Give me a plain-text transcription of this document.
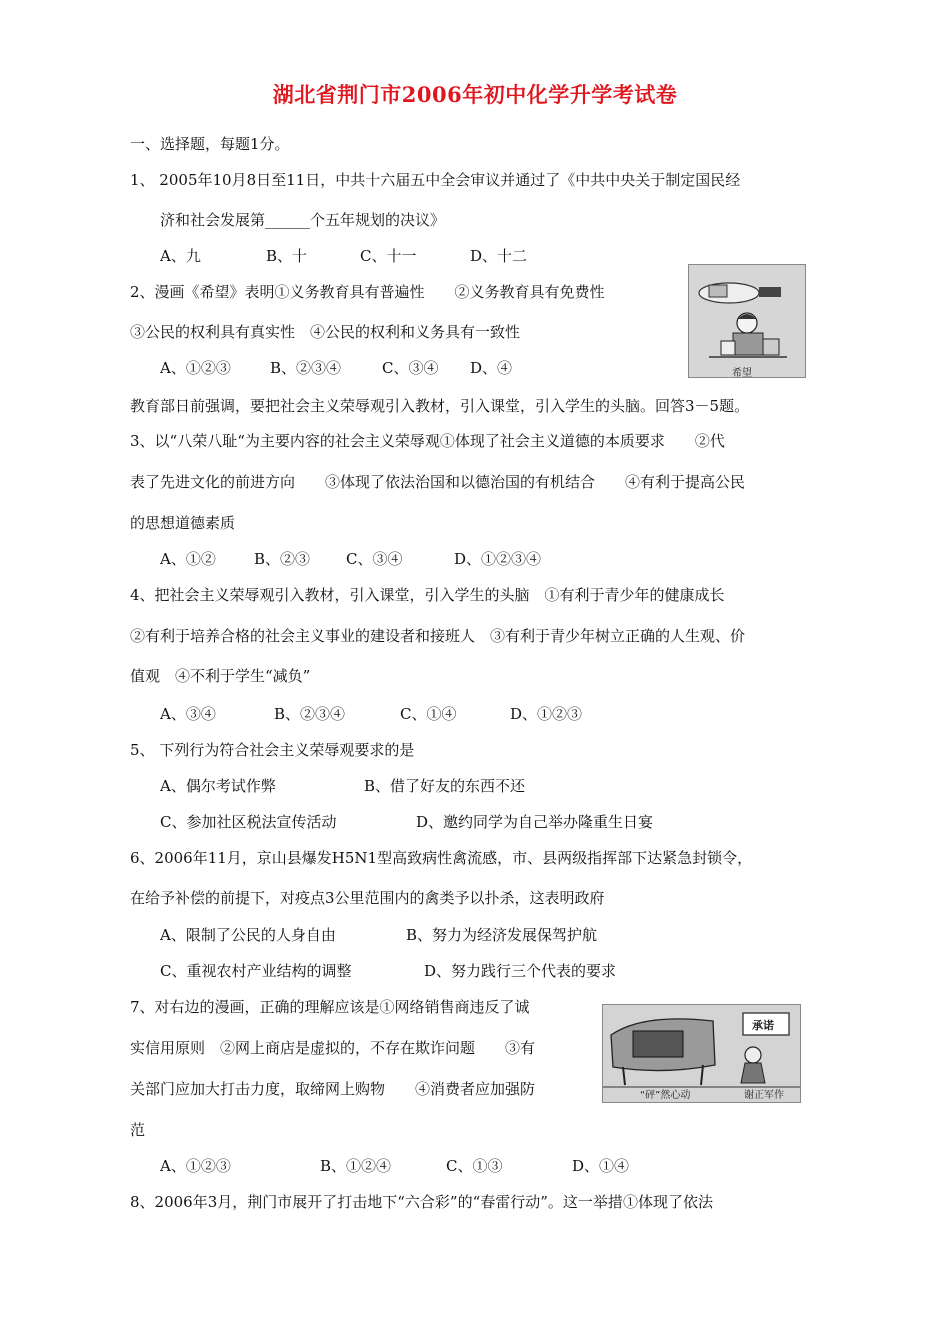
湖北省荆门市2006年初中化学升学考试卷
一、选择题，每题1分。
1、 2005年10月8日至11日，中共十六届五中全会审议并通过了《中共中央关于制定国民经
济和社会发展第______个五年规划的决议》
A、九	B、十	C、十一	D、十二
2、漫画《希望》表明①义务教育具有普遍性　　②义务教育具有免费性
③公民的权利具有真实性　④公民的权利和义务具有一致性
A、①②③	B、②③④	C、③④ D、④	希望
教育部日前强调，要把社会主义荣辱观引入教材，引入课堂，引入学生的头脑。回答3－5题。
3、以“八荣八耻“为主要内容的社会主义荣辱观①体现了社会主义道德的本质要求　　②代
表了先进文化的前进方向　　③体现了依法治国和以德治国的有机结合　　④有利于提高公民
的思想道德素质
A、①②	B、②③ C、③④	D、①②③④
4、把社会主义荣辱观引入教材，引入课堂，引入学生的头脑　①有利于青少年的健康成长
②有利于培养合格的社会主义事业的建设者和接班人　③有利于青少年树立正确的人生观、价
值观　④不利于学生“减负”
A、③④	B、②③④	C、①④	D、①②③
5、 下列行为符合社会主义荣辱观要求的是
A、偶尔考试作弊	B、借了好友的东西不还
C、参加社区税法宣传活动	D、邀约同学为自己举办隆重生日宴
6、2006年11月，京山县爆发H5N1型高致病性禽流感，市、县两级指挥部下达紧急封锁令，
在给予补偿的前提下，对疫点3公里范围内的禽类予以扑杀，这表明政府
A、限制了公民的人身自由	B、努力为经济发展保驾护航
C、重视农村产业结构的调整	D、努力践行三个代表的要求
7、对右边的漫画，正确的理解应该是①网络销售商违反了诚
实信用原则　②网上商店是虚拟的，不存在欺诈问题　　③有
关部门应加大打击力度，取缔网上购物　　④消费者应加强防
范
A、①②③	B、①②④	C、①③	D、①④
承诺
“砰”然心动	谢正军作
8、2006年3月，荆门市展开了打击地下“六合彩”的“春雷行动”。这一举措①体现了依法
